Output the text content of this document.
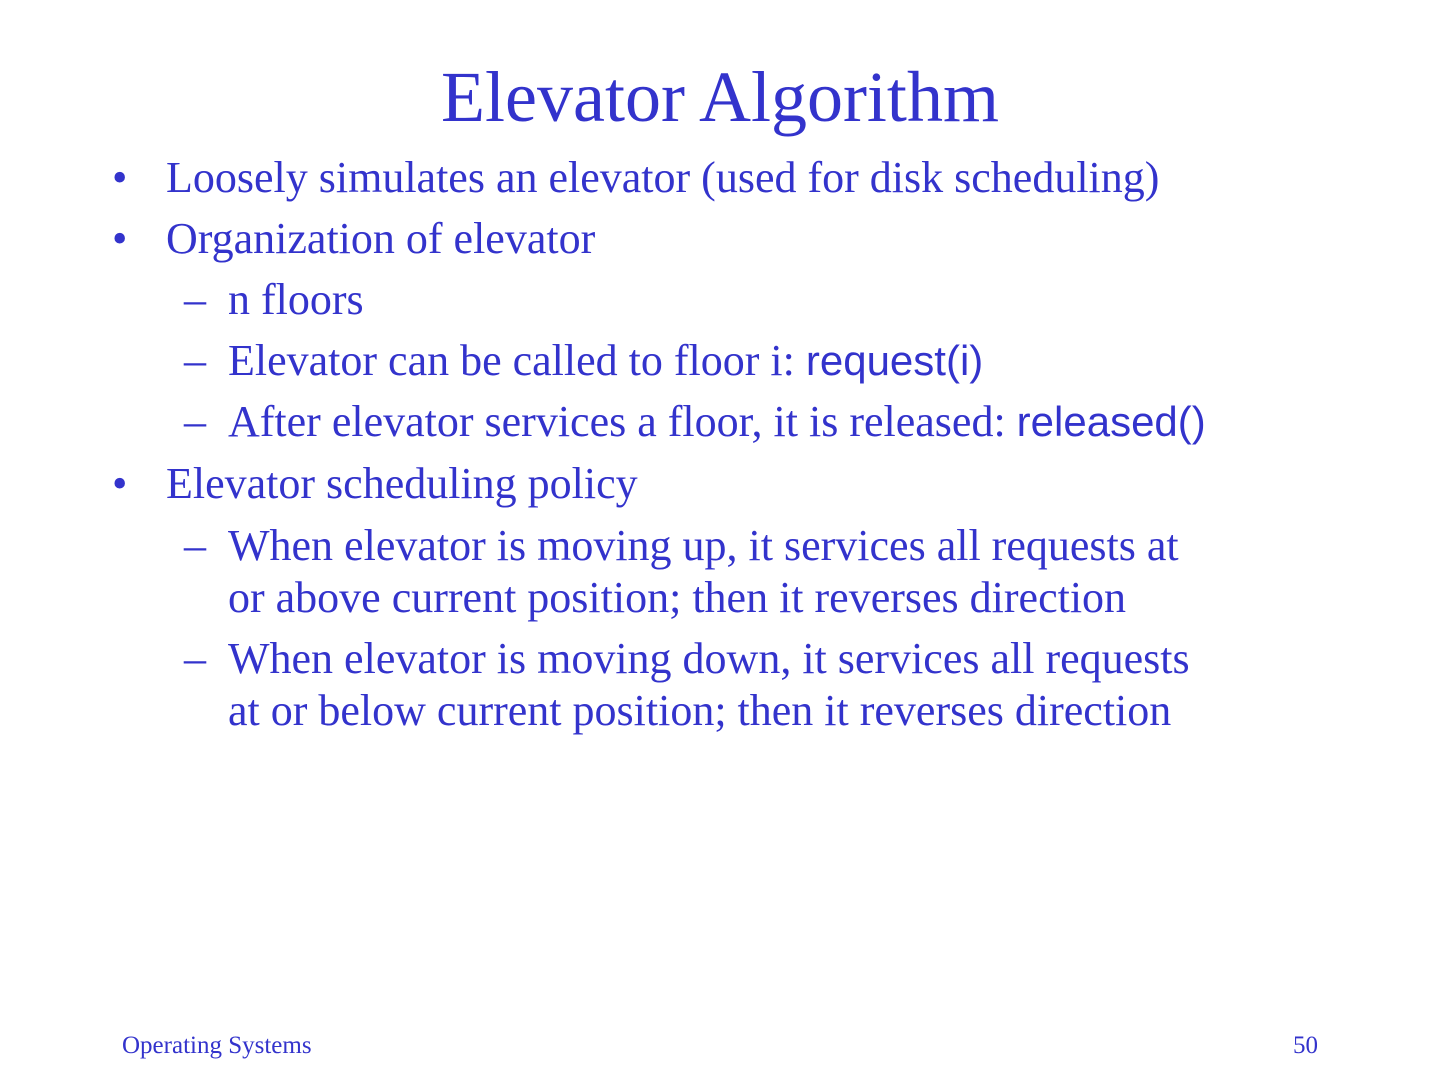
Elevator Algorithm
• Loosely simulates an elevator (used for disk scheduling)
• Organization of elevator
– n floors
– Elevator can be called to floor i: request(i)
– After elevator services a floor, it is released: released()
• Elevator scheduling policy
– When elevator is moving up, it services all requests at
or above current position; then it reverses direction
– When elevator is moving down, it services all requests
at or below current position; then it reverses direction
Operating Systems	50
